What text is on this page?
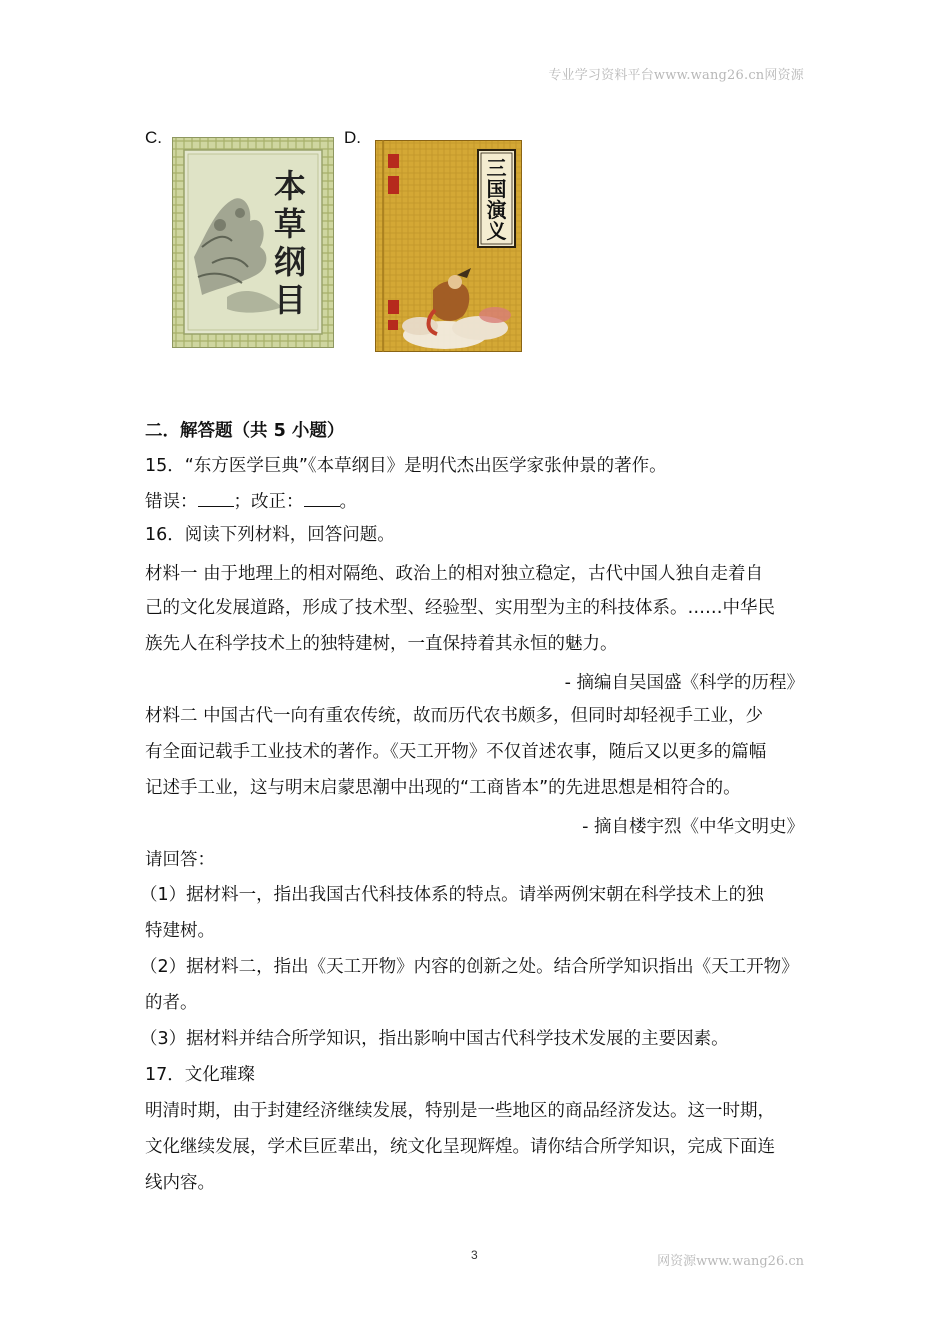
专业学习资料平台www.wang26.cn网资源
C.
本
草
纲
目
D.
三
国
演
义
二．解答题（共 5 小题）
15．“东方医学巨典”《本草纲目》是明代杰出医学家张仲景的著作。
错误： ；改正： 。
16．阅读下列材料，回答问题。
材料一 由于地理上的相对隔绝、政治上的相对独立稳定，古代中国人独自走着自
己的文化发展道路，形成了技术型、经验型、实用型为主的科技体系。……中华民
族先人在科学技术上的独特建树，一直保持着其永恒的魅力。
- 摘编自吴国盛《科学的历程》
材料二 中国古代一向有重农传统，故而历代农书颇多，但同时却轻视手工业，少
有全面记载手工业技术的著作。《天工开物》不仅首述农事，随后又以更多的篇幅
记述手工业，这与明末启蒙思潮中出现的“工商皆本”的先进思想是相符合的。
- 摘自楼宇烈《中华文明史》
请回答：
（1）据材料一，指出我国古代科技体系的特点。请举两例宋朝在科学技术上的独
特建树。
（2）据材料二，指出《天工开物》内容的创新之处。结合所学知识指出《天工开物》
的者。
（3）据材料并结合所学知识，指出影响中国古代科学技术发展的主要因素。
17．文化璀璨
明清时期，由于封建经济继续发展，特别是一些地区的商品经济发达。这一时期，
文化继续发展，学术巨匠辈出，统文化呈现辉煌。请你结合所学知识，完成下面连
线内容。
3	网资源www.wang26.cn
